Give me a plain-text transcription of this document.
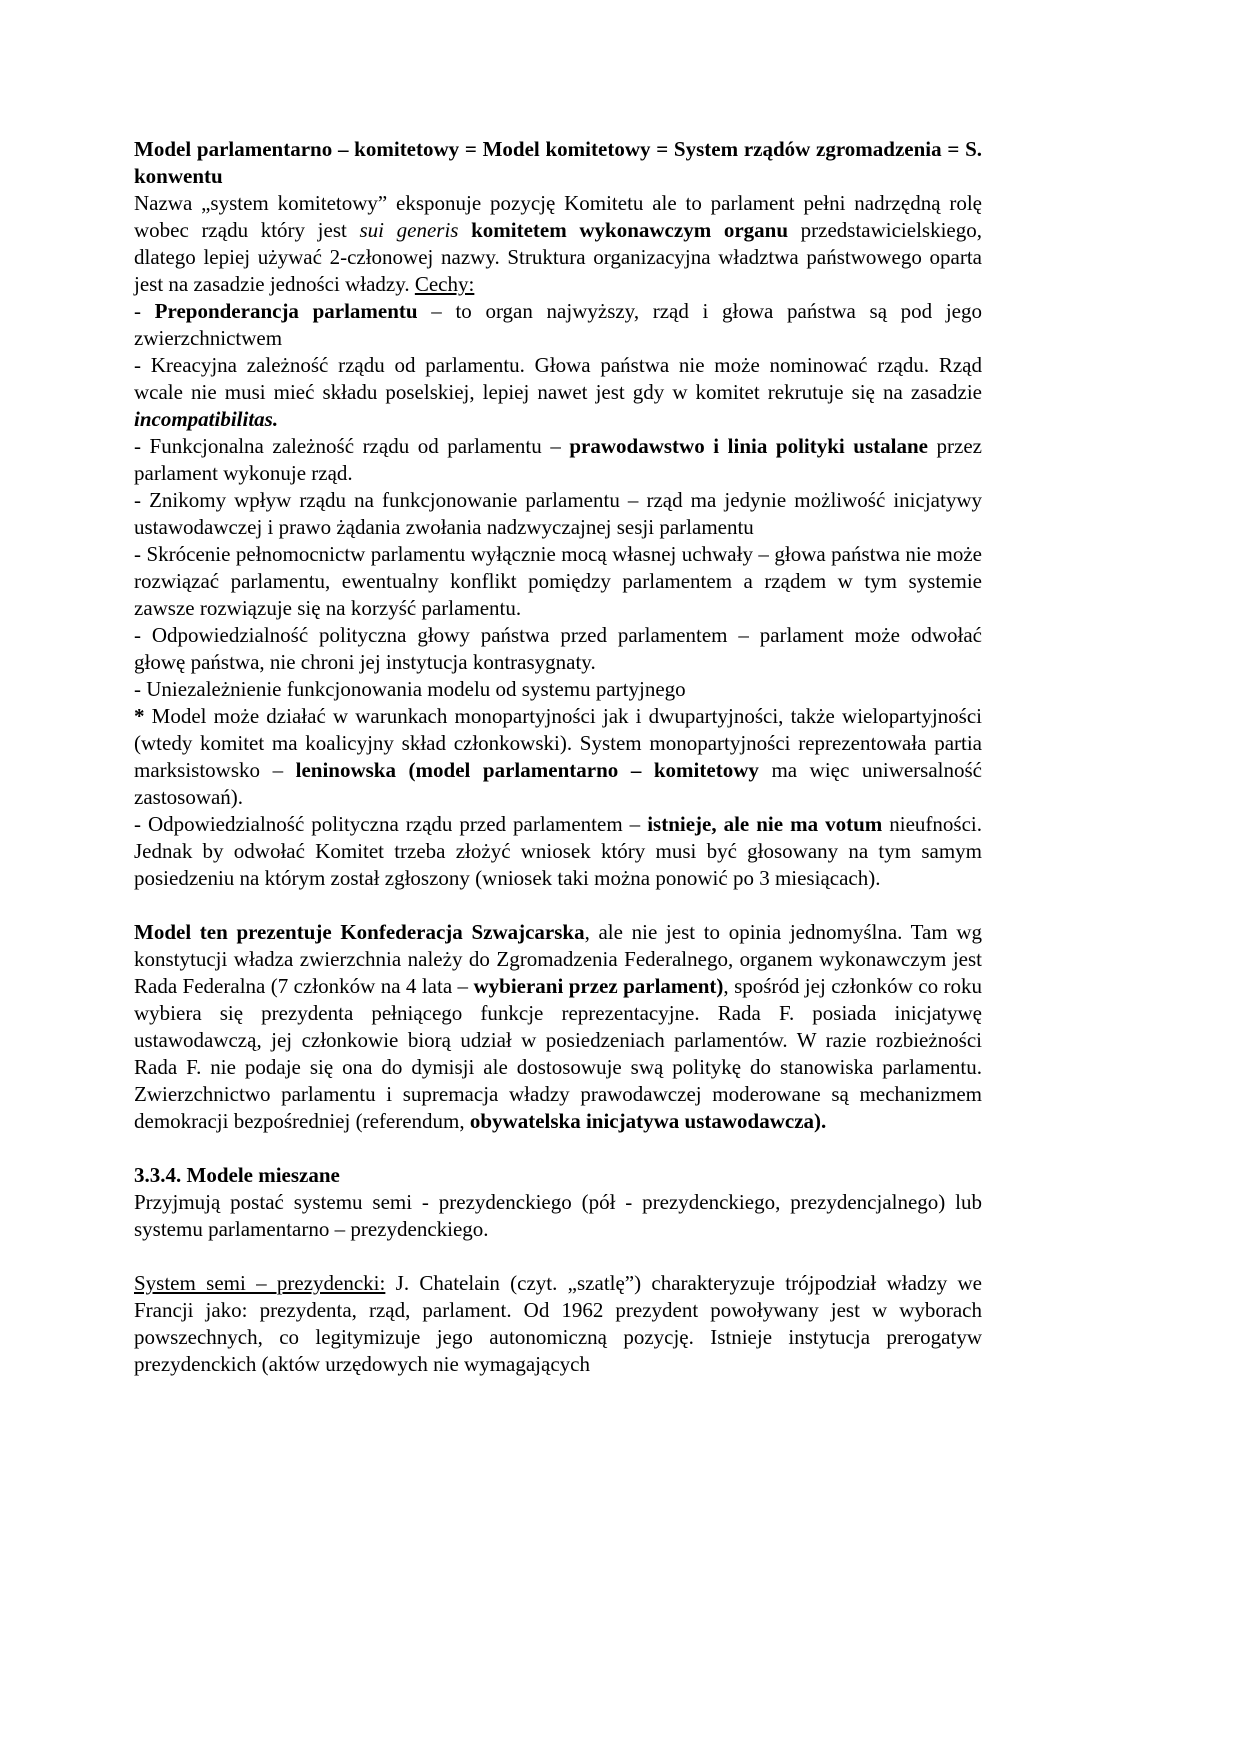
Model parlamentarno – komitetowy = Model komitetowy = System rządów zgromadzenia = S. konwentu

Nazwa „system komitetowy” eksponuje pozycję Komitetu ale to parlament pełni nadrzędną rolę wobec rządu który jest sui generis komitetem wykonawczym organu przedstawicielskiego, dlatego lepiej używać 2-członowej nazwy. Struktura organizacyjna władztwa państwowego oparta jest na zasadzie jedności władzy. Cechy:

- Preponderancja parlamentu – to organ najwyższy, rząd i głowa państwa są pod jego zwierzchnictwem

- Kreacyjna zależność rządu od parlamentu. Głowa państwa nie może nominować rządu. Rząd wcale nie musi mieć składu poselskiej, lepiej nawet jest gdy w komitet rekrutuje się na zasadzie incompatibilitas.

- Funkcjonalna zależność rządu od parlamentu – prawodawstwo i linia polityki ustalane przez parlament wykonuje rząd.

- Znikomy wpływ rządu na funkcjonowanie parlamentu – rząd ma jedynie możliwość inicjatywy ustawodawczej i prawo żądania zwołania nadzwyczajnej sesji parlamentu

- Skrócenie pełnomocnictw parlamentu wyłącznie mocą własnej uchwały – głowa państwa nie może rozwiązać parlamentu, ewentualny konflikt pomiędzy parlamentem a rządem w tym systemie zawsze rozwiązuje się na korzyść parlamentu.

- Odpowiedzialność polityczna głowy państwa przed parlamentem – parlament może odwołać głowę państwa, nie chroni jej instytucja kontrasygnaty.

- Uniezależnienie funkcjonowania modelu od systemu partyjnego

* Model może działać w warunkach monopartyjności jak i dwupartyjności, także wielopartyjności (wtedy komitet ma koalicyjny skład członkowski). System monopartyjności reprezentowała partia marksistowsko – leninowska (model parlamentarno – komitetowy ma więc uniwersalność zastosowań).

- Odpowiedzialność polityczna rządu przed parlamentem – istnieje, ale nie ma votum nieufności. Jednak by odwołać Komitet trzeba złożyć wniosek który musi być głosowany na tym samym posiedzeniu na którym został zgłoszony (wniosek taki można ponowić po 3 miesiącach).

Model ten prezentuje Konfederacja Szwajcarska, ale nie jest to opinia jednomyślna. Tam wg konstytucji władza zwierzchnia należy do Zgromadzenia Federalnego, organem wykonawczym jest Rada Federalna (7 członków na 4 lata – wybierani przez parlament), spośród jej członków co roku wybiera się prezydenta pełniącego funkcje reprezentacyjne. Rada F. posiada inicjatywę ustawodawczą, jej członkowie biorą udział w posiedzeniach parlamentów. W razie rozbieżności Rada F. nie podaje się ona do dymisji ale dostosowuje swą politykę do stanowiska parlamentu. Zwierzchnictwo parlamentu i supremacja władzy prawodawczej moderowane są mechanizmem demokracji bezpośredniej (referendum, obywatelska inicjatywa ustawodawcza).

3.3.4. Modele mieszane

Przyjmują postać systemu semi - prezydenckiego (pół - prezydenckiego, prezydencjalnego) lub systemu parlamentarno – prezydenckiego.

System semi – prezydencki: J. Chatelain (czyt. „szatlę”) charakteryzuje trójpodział władzy we Francji jako: prezydenta, rząd, parlament. Od 1962 prezydent powoływany jest w wyborach powszechnych, co legitymizuje jego autonomiczną pozycję. Istnieje instytucja prerogatyw prezydenckich (aktów urzędowych nie wymagających
